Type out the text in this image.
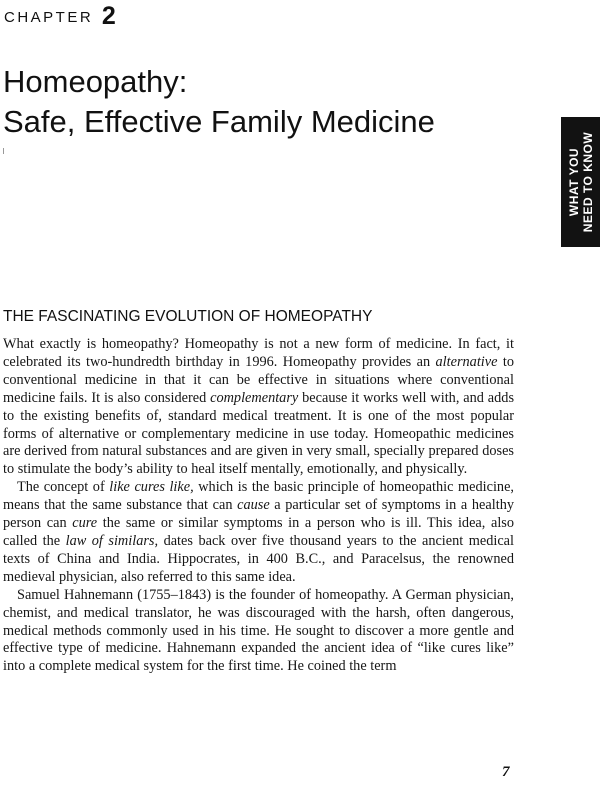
CHAPTER 2
Homeopathy:
Safe, Effective Family Medicine
WHAT YOU NEED TO KNOW
THE FASCINATING EVOLUTION OF HOMEOPATHY

What exactly is homeopathy? Homeopathy is not a new form of medicine. In fact, it celebrated its two-hundredth birthday in 1996. Homeopathy provides an alternative to conventional medicine in that it can be effective in situations where conventional medicine fails. It is also considered complementary because it works well with, and adds to the existing benefits of, standard medical treatment. It is one of the most popular forms of alternative or complementary medicine in use today. Homeopathic medicines are derived from natural substances and are given in very small, specially prepared doses to stimulate the body’s ability to heal itself mentally, emotionally, and physically.

The concept of like cures like, which is the basic principle of homeopathic medicine, means that the same substance that can cause a particular set of symptoms in a healthy person can cure the same or similar symptoms in a person who is ill. This idea, also called the law of similars, dates back over five thousand years to the ancient medical texts of China and India. Hippocrates, in 400 B.C., and Paracelsus, the renowned medieval physician, also referred to this same idea.

Samuel Hahnemann (1755–1843) is the founder of homeopathy. A German physician, chemist, and medical translator, he was discouraged with the harsh, often dangerous, medical methods commonly used in his time. He sought to discover a more gentle and effective type of medicine. Hahnemann expanded the ancient idea of “like cures like” into a complete medical system for the first time. He coined the term

7
